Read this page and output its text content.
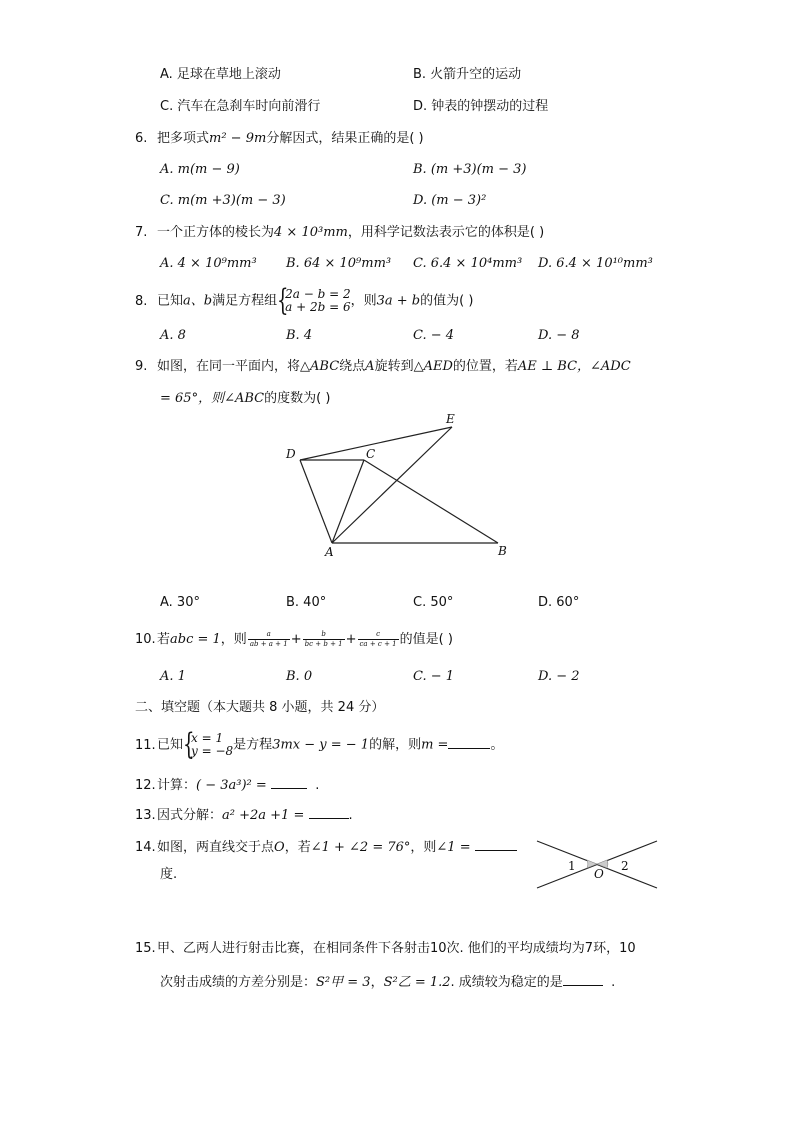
A. 足球在草地上滚动	B. 火箭升空的运动
C. 汽车在急刹车时向前滑行	D. 钟表的钟摆动的过程
6. 把多项式m² − 9m分解因式，结果正确的是( )
A. m(m − 9)	B. (m +3)(m − 3)
C. m(m +3)(m − 3)	D. (m − 3)²
7. 一个正方体的棱长为4 × 10³mm，用科学记数法表示它的体积是( )
A. 4 × 10⁹mm³ B. 64 × 10⁹mm³ C. 6.4 × 10⁴mm³ D. 6.4 × 10¹⁰mm³
8. 已知a、b满足方程组 {
2a − b = 2
a + 2b = 6 ，则3a + b的值为( )
A. 8	B. 4	C. − 4	D. − 8
9. 如图，在同一平面内，将△ABC绕点A旋转到△AED的位置，若AE ⊥ BC，∠ADC
= 65°，则∠ABC的度数为( )
E
D	C
A	B
A. 30°	B. 40°	C. 50°	D. 60°
10.若abc = 1，则 $\frac{a}{ab + a + 1} + \frac{b}{bc + b + 1} + \frac{c}{ca + c + 1}$ 的值是( )
A. 1	B. 0	C. − 1	D. − 2
二、填空题（本大题共 8 小题，共 24 分）
11.已知 {
x = 1
y = −8 是方程3mx − y = − 1的解，则m =	。
12.计算：( − 3a³)² =	.
13.因式分解：a² +2a +1 =	.
14.如图，两直线交于点O，若∠1 + ∠2 = 76°，则∠1 =
度.
1	2
O
15.甲、乙两人进行射击比赛，在相同条件下各射击10次. 他们的平均成绩均为7环，10
次射击成绩的方差分别是：S²甲 = 3，S²乙 = 1.2. 成绩较为稳定的是	.
